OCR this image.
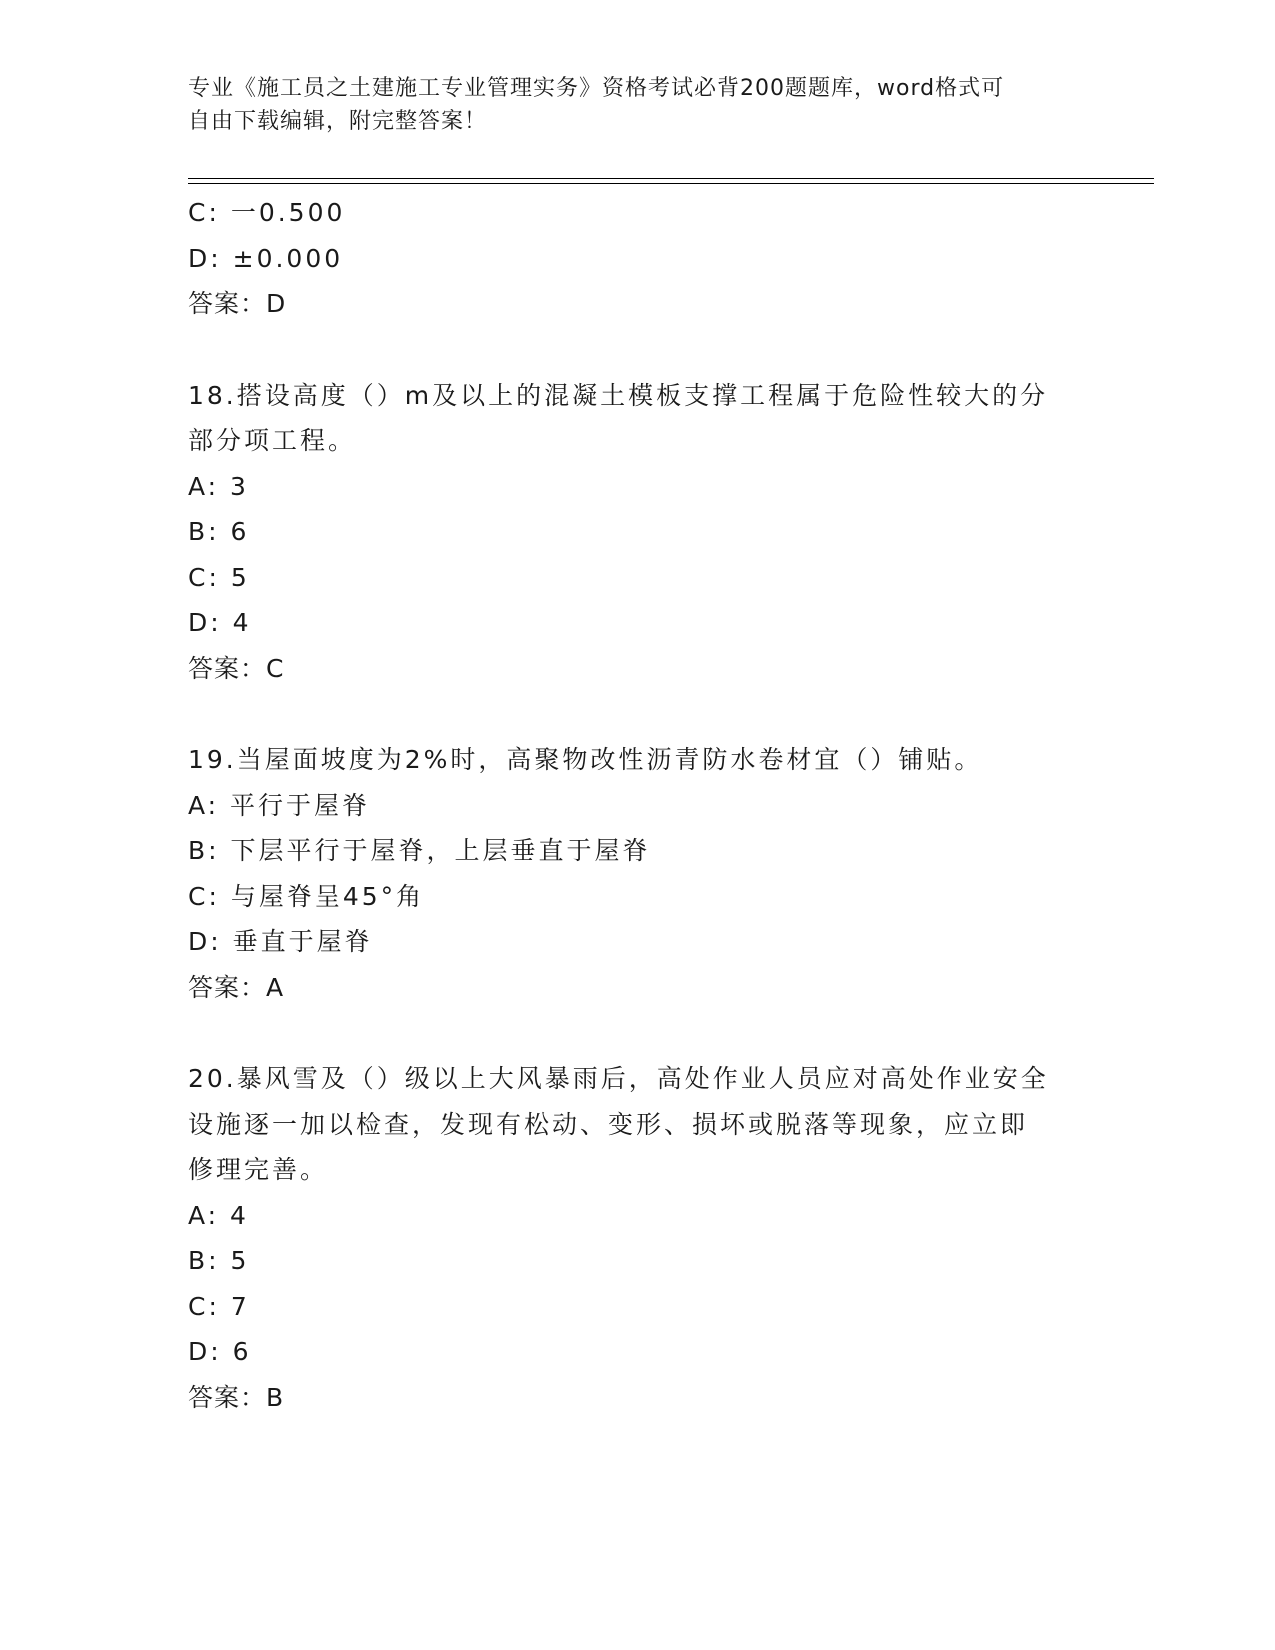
专业《施工员之土建施工专业管理实务》资格考试必背200题题库，word格式可
自由下载编辑，附完整答案！
C: 一0.500
D: ±0.000
答案：D
18.搭设高度（）m及以上的混凝土模板支撑工程属于危险性较大的分
部分项工程。
A: 3
B: 6
C: 5
D: 4
答案：C
19.当屋面坡度为2%时，高聚物改性沥青防水卷材宜（）铺贴。
A: 平行于屋脊
B: 下层平行于屋脊，上层垂直于屋脊
C: 与屋脊呈45°角
D: 垂直于屋脊
答案：A
20.暴风雪及（）级以上大风暴雨后，高处作业人员应对高处作业安全
设施逐一加以检查，发现有松动、变形、损坏或脱落等现象，应立即
修理完善。
A: 4
B: 5
C: 7
D: 6
答案：B
